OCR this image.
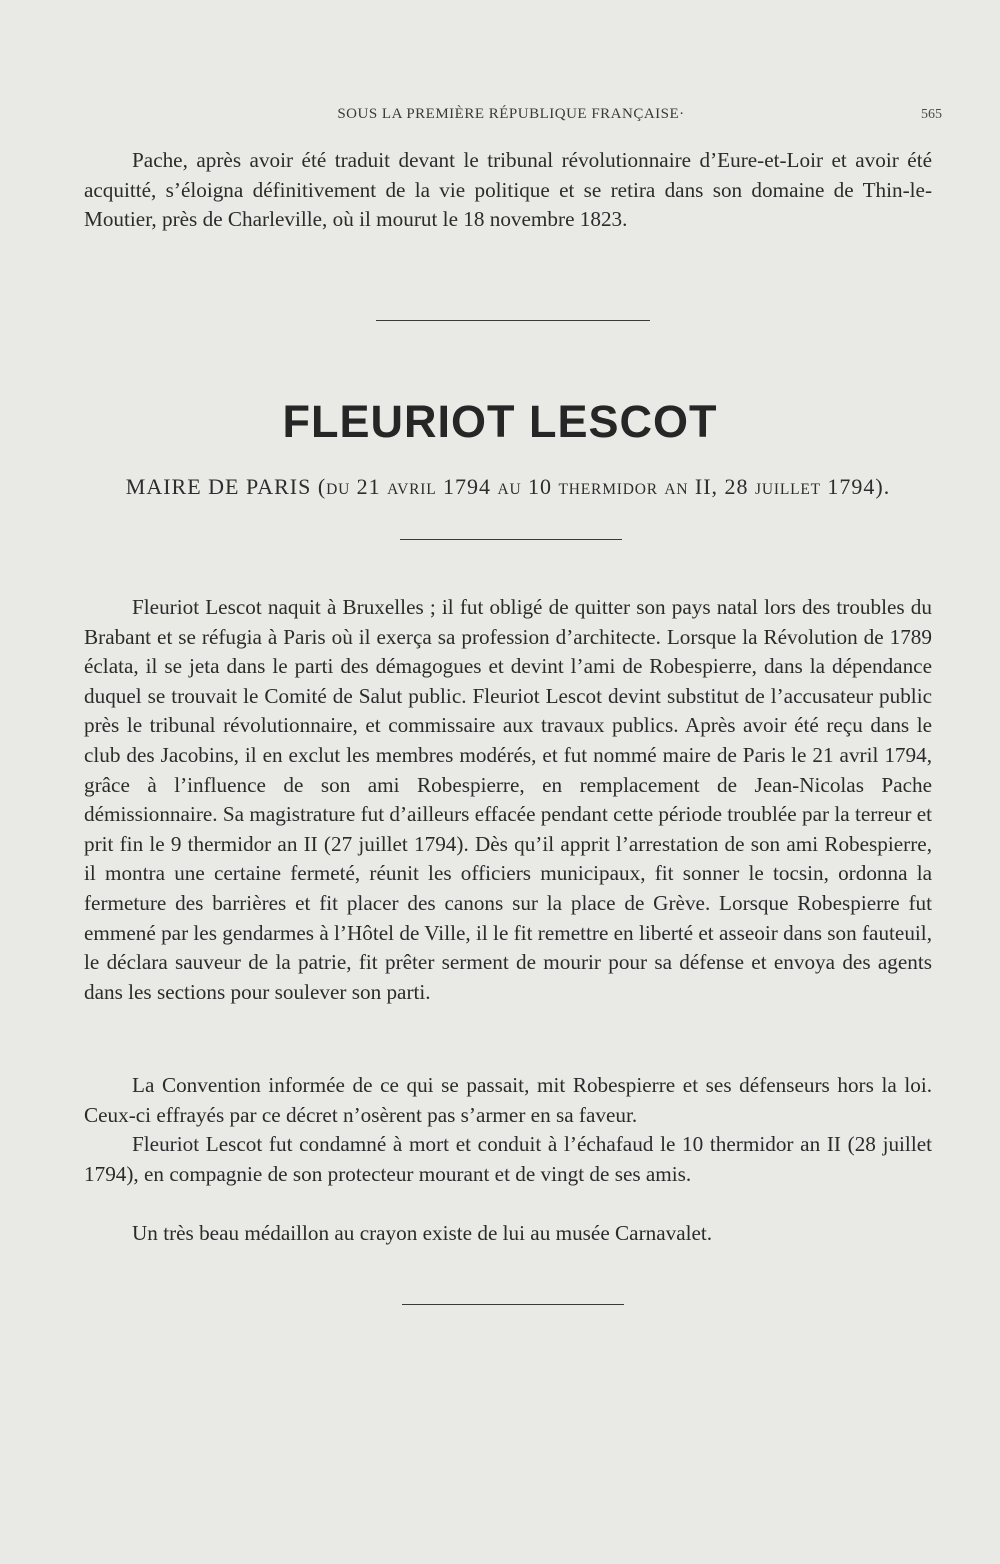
SOUS LA PREMIÈRE RÉPUBLIQUE FRANÇAISE·	565

Pache, après avoir été traduit devant le tribunal révolutionnaire d’Eure-et-Loir et avoir été acquitté, s’éloigna définitivement de la vie politique et se retira dans son domaine de Thin-le-Moutier, près de Charleville, où il mourut le 18 novembre 1823.

FLEURIOT LESCOT

MAIRE DE PARIS (DU 21 AVRIL 1794 AU 10 THERMIDOR AN II, 28 JUILLET 1794).

Fleuriot Lescot naquit à Bruxelles ; il fut obligé de quitter son pays natal lors des troubles du Brabant et se réfugia à Paris où il exerça sa profession d’architecte. Lorsque la Révolution de 1789 éclata, il se jeta dans le parti des démagogues et devint l’ami de Robespierre, dans la dépendance duquel se trouvait le Comité de Salut public. Fleuriot Lescot devint substitut de l’accusateur public près le tribunal révolutionnaire, et commissaire aux travaux publics. Après avoir été reçu dans le club des Jacobins, il en exclut les membres modérés, et fut nommé maire de Paris le 21 avril 1794, grâce à l’influence de son ami Robespierre, en remplacement de Jean-Nicolas Pache démissionnaire. Sa magistrature fut d’ailleurs effacée pendant cette période troublée par la terreur et prit fin le 9 thermidor an II (27 juillet 1794). Dès qu’il apprit l’arrestation de son ami Robespierre, il montra une certaine fermeté, réunit les officiers municipaux, fit sonner le tocsin, ordonna la fermeture des barrières et fit placer des canons sur la place de Grève. Lorsque Robespierre fut emmené par les gendarmes à l’Hôtel de Ville, il le fit remettre en liberté et asseoir dans son fauteuil, le déclara sauveur de la patrie, fit prêter serment de mourir pour sa défense et envoya des agents dans les sections pour soulever son parti.

La Convention informée de ce qui se passait, mit Robespierre et ses défenseurs hors la loi. Ceux-ci effrayés par ce décret n’osèrent pas s’armer en sa faveur.

Fleuriot Lescot fut condamné à mort et conduit à l’échafaud le 10 thermidor an II (28 juillet 1794), en compagnie de son protecteur mourant et de vingt de ses amis.

Un très beau médaillon au crayon existe de lui au musée Carnavalet.
